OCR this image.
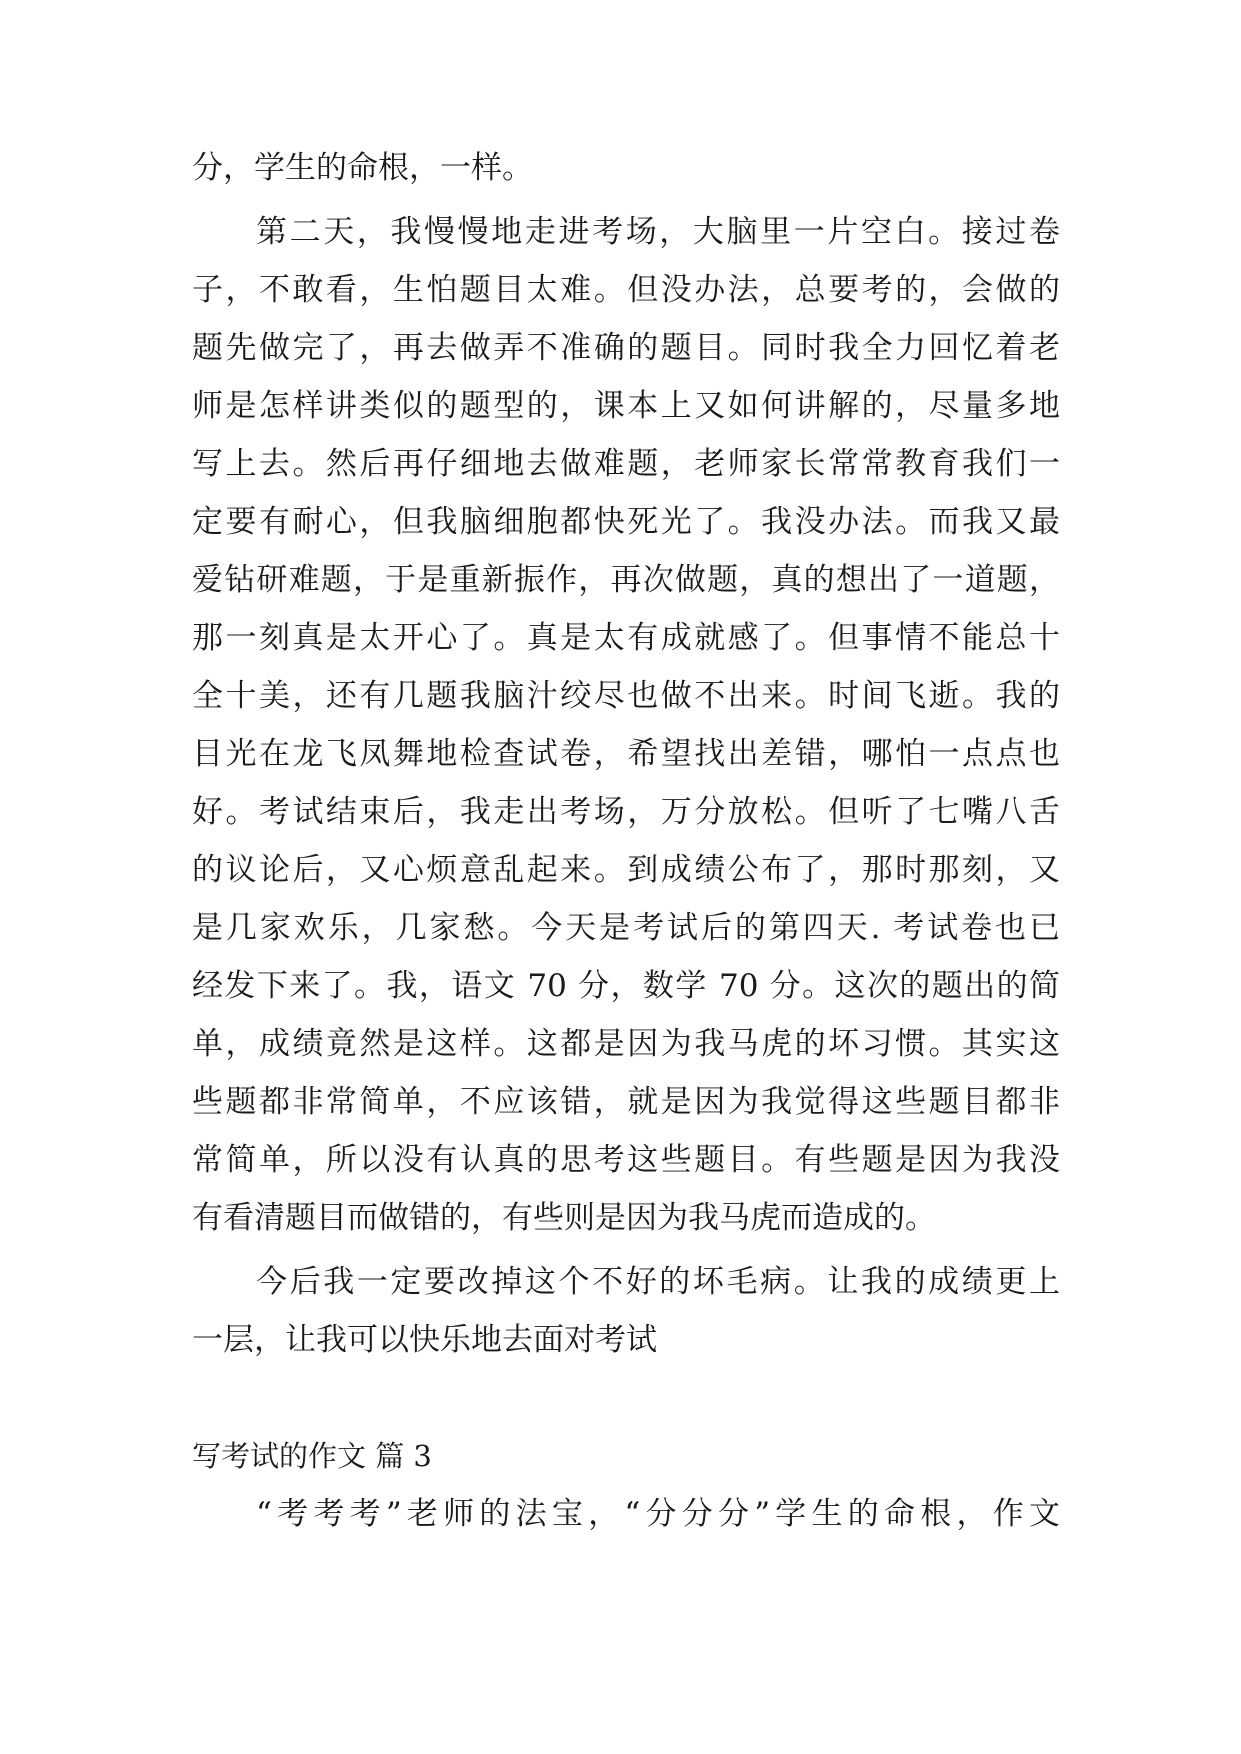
分，学生的命根，一样。
第二天，我慢慢地走进考场，大脑里一片空白。接过卷
子，不敢看，生怕题目太难。但没办法，总要考的，会做的
题先做完了，再去做弄不准确的题目。同时我全力回忆着老
师是怎样讲类似的题型的，课本上又如何讲解的，尽量多地
写上去。然后再仔细地去做难题，老师家长常常教育我们一
定要有耐心，但我脑细胞都快死光了。我没办法。而我又最
爱钻研难题，于是重新振作，再次做题，真的想出了一道题，
那一刻真是太开心了。真是太有成就感了。但事情不能总十
全十美，还有几题我脑汁绞尽也做不出来。时间飞逝。我的
目光在龙飞凤舞地检查试卷，希望找出差错，哪怕一点点也
好。考试结束后，我走出考场，万分放松。但听了七嘴八舌
的议论后，又心烦意乱起来。到成绩公布了，那时那刻，又
是几家欢乐，几家愁。今天是考试后的第四天. 考试卷也已
经发下来了。我，语文 70 分，数学 70 分。这次的题出的简
单，成绩竟然是这样。这都是因为我马虎的坏习惯。其实这
些题都非常简单，不应该错，就是因为我觉得这些题目都非
常简单，所以没有认真的思考这些题目。有些题是因为我没
有看清题目而做错的，有些则是因为我马虎而造成的。
今后我一定要改掉这个不好的坏毛病。让我的成绩更上
一层，让我可以快乐地去面对考试
写考试的作文 篇 3
“考考考”老师的法宝，“分分分”学生的命根，作文
